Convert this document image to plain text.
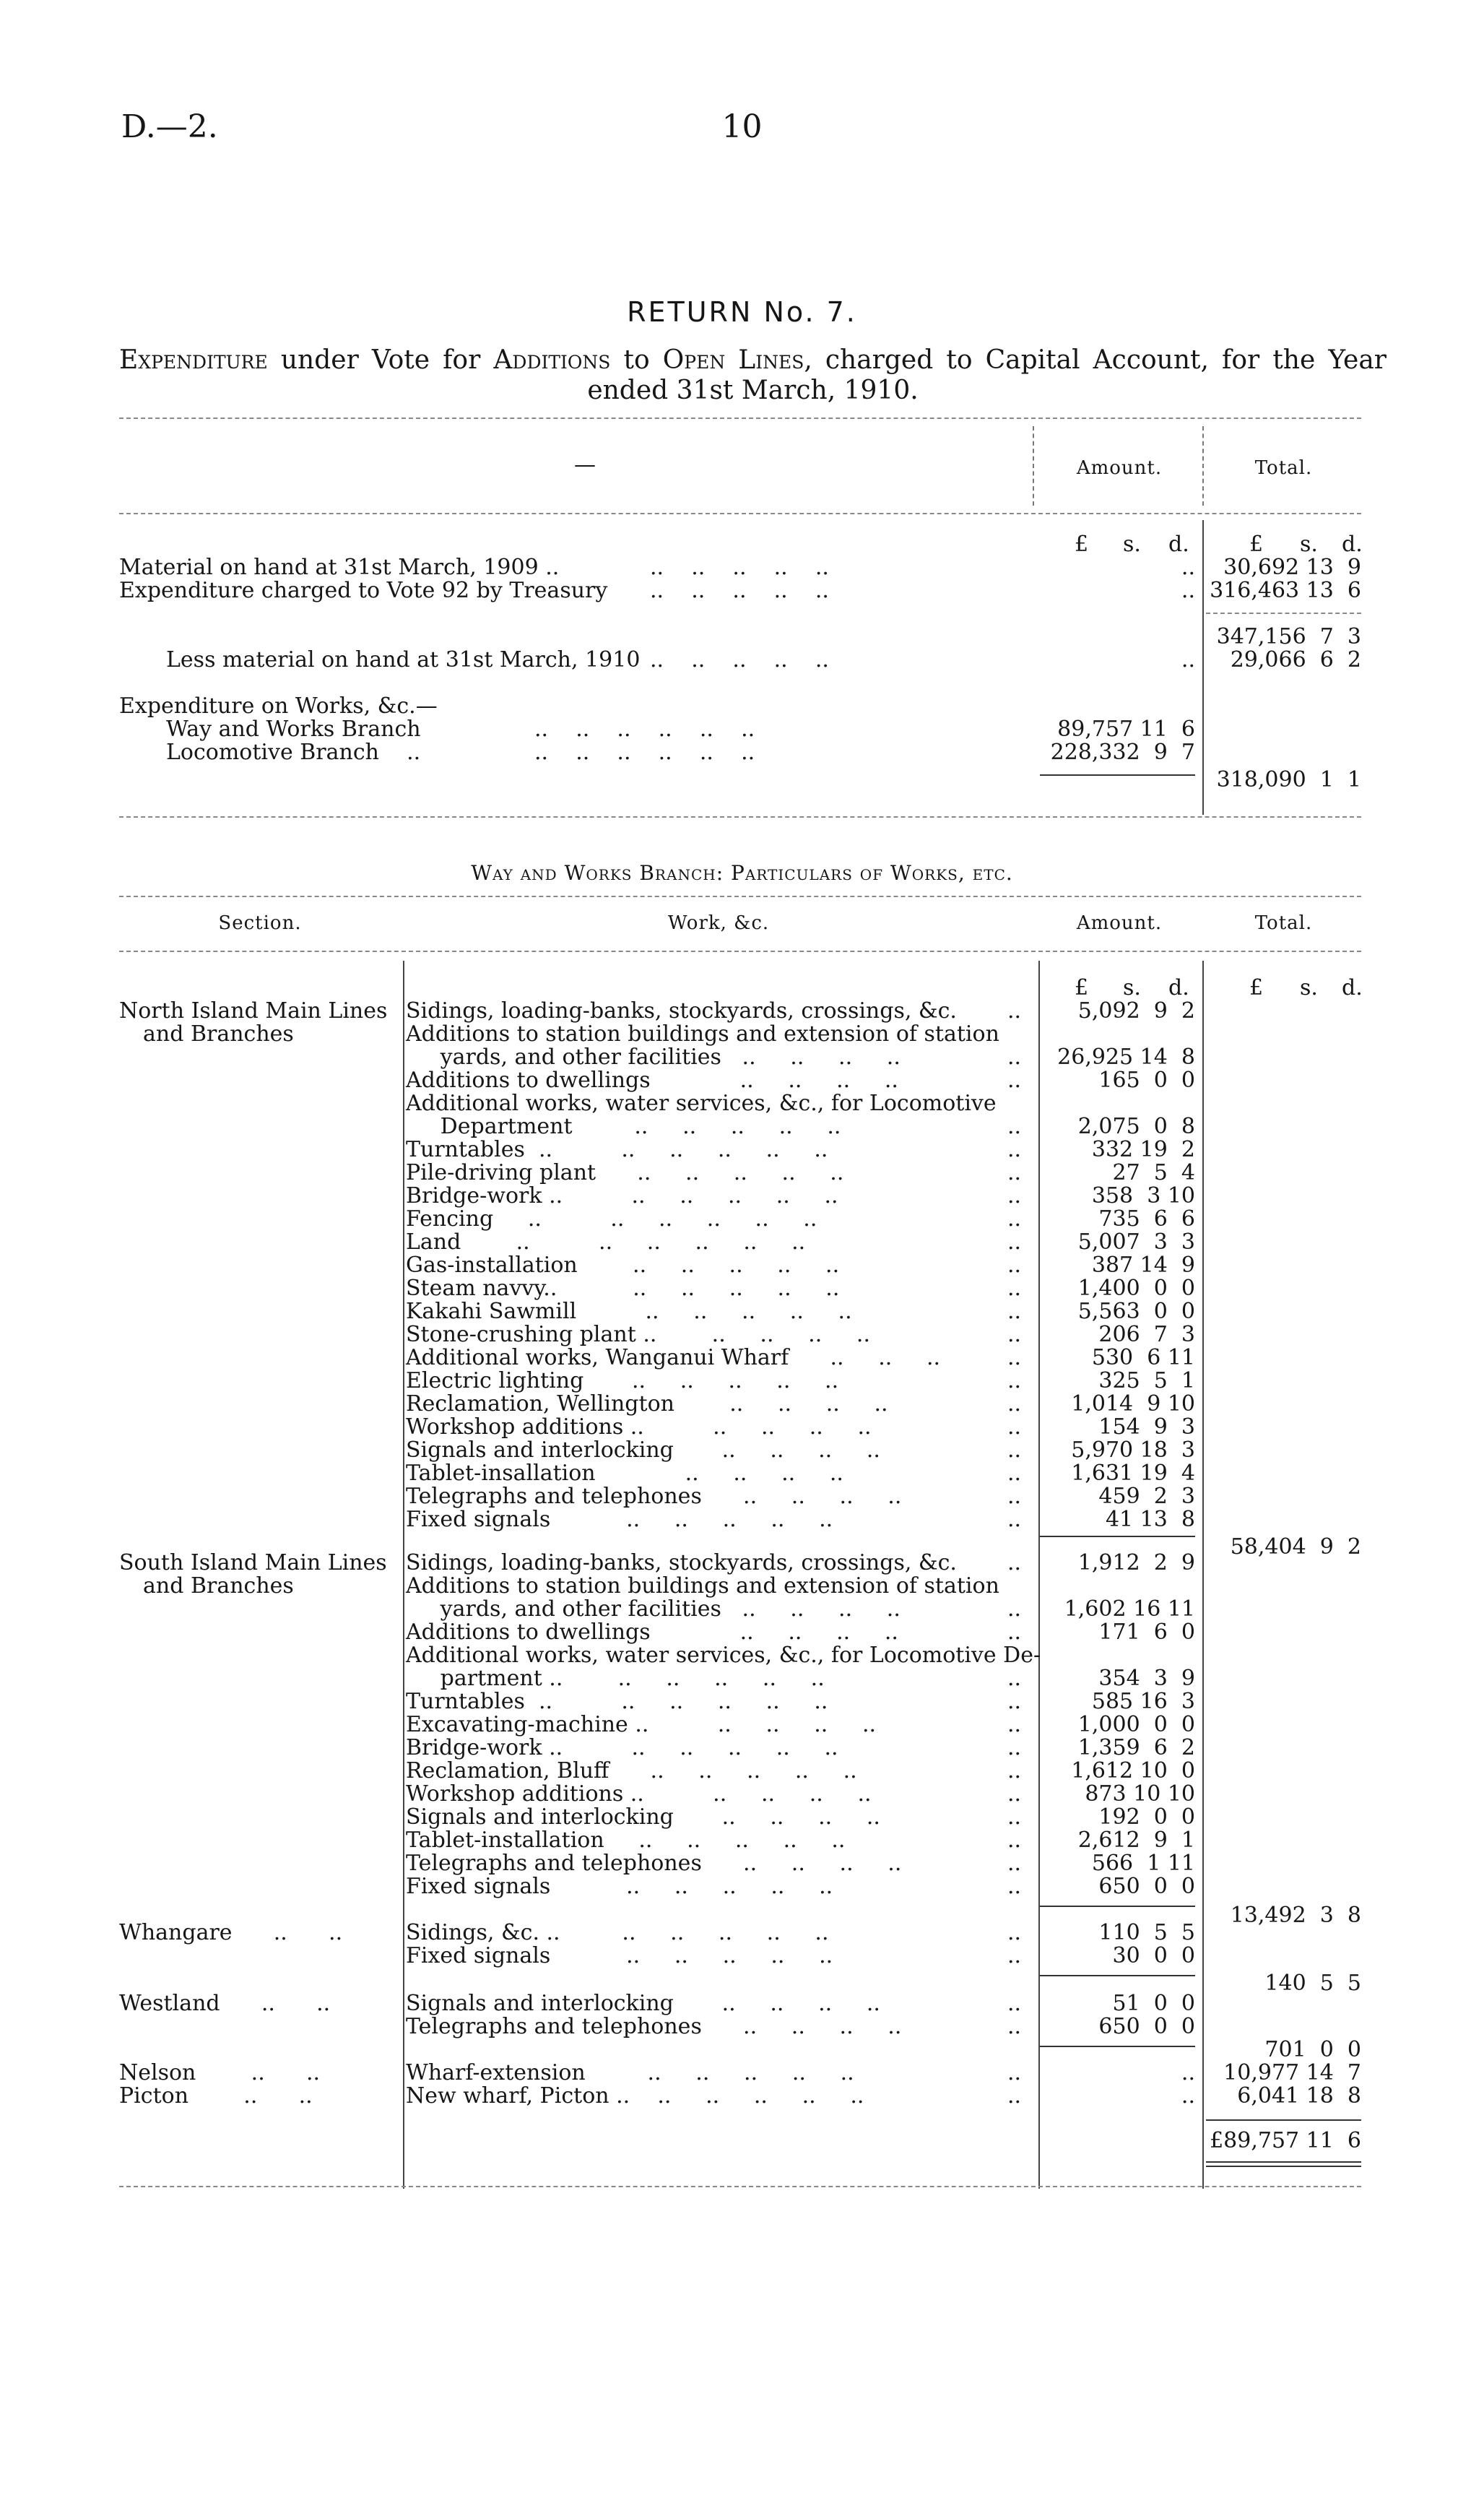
D.—2.	10
RETURN No. 7.
Expenditure under Vote for Additions to Open Lines, charged to Capital Account, for the Year ended 31st March, 1910.
—	Amount.	Total.
£ s. d.	£ s. d.
Material on hand at 31st March, 1909 ..	..    ..    ..    ..    ..	..	30,692 13  9
Expenditure charged to Vote 92 by Treasury ..    ..    ..    ..    ..	.. 316,463 13  6
347,156  7  3
Less material on hand at 31st March, 1910 ..    ..    ..    ..    ..	..	29,066  6  2
Expenditure on Works, &c.—
Way and Works Branch	..    ..    ..    ..    ..    ..	89,757 11  6
Locomotive Branch    ..	..    ..    ..    ..    ..    ..	228,332  9  7
318,090  1  1
Way and Works Branch: Particulars of Works, etc.
Section.	Work, &c.	Amount.	Total.
£ s. d.	£ s. d.
North Island Main Lines
and Branches
Sidings, loading-banks, stockyards, crossings, &c. ..	5,092  9  2
Additions to station buildings and extension of station
yards, and other facilities   ..     ..     ..     ..	..	26,925 14  8
Additions to dwellings             ..     ..     ..     ..	..	165  0  0
Additional works, water services, &c., for Locomotive
Department         ..     ..     ..     ..     ..	..	2,075  0  8
Turntables  ..          ..     ..     ..     ..     ..	..	332 19  2
Pile-driving plant      ..     ..     ..     ..     ..	..	27  5  4
Bridge-work ..          ..     ..     ..     ..     ..	..	358  3 10
Fencing     ..          ..     ..     ..     ..     ..	..	735  6  6
Land        ..          ..     ..     ..     ..     ..	..	5,007  3  3
Gas-installation        ..     ..     ..     ..     ..	..	387 14  9
Steam navvy..           ..     ..     ..     ..     ..	..	1,400  0  0
Kakahi Sawmill          ..     ..     ..     ..     ..	..	5,563  0  0
Stone-crushing plant ..        ..     ..     ..     ..	..	206  7  3
Additional works, Wanganui Wharf      ..     ..     ..	..	530  6 11
Electric lighting       ..     ..     ..     ..     ..	..	325  5  1
Reclamation, Wellington        ..     ..     ..     ..	..	1,014  9 10
Workshop additions ..          ..     ..     ..     ..	..	154  9  3
Signals and interlocking       ..     ..     ..     ..	..	5,970 18  3
Tablet-insallation             ..     ..     ..     ..	..	1,631 19  4
Telegraphs and telephones      ..     ..     ..     ..	..	459  2  3
Fixed signals           ..     ..     ..     ..     ..	..	41 13  8
58,404  9  2
South Island Main Lines
and Branches
Sidings, loading-banks, stockyards, crossings, &c. ..	1,912  2  9
Additions to station buildings and extension of station
yards, and other facilities   ..     ..     ..     ..	..	1,602 16 11
Additions to dwellings             ..     ..     ..     ..	..	171  6  0
Additional works, water services, &c., for Locomotive De-
partment ..        ..     ..     ..     ..     ..	..	354  3  9
Turntables  ..          ..     ..     ..     ..     ..	..	585 16  3
Excavating-machine ..          ..     ..     ..     ..	..	1,000  0  0
Bridge-work ..          ..     ..     ..     ..     ..	..	1,359  6  2
Reclamation, Bluff      ..     ..     ..     ..     ..	..	1,612 10  0
Workshop additions ..          ..     ..     ..     ..	..	873 10 10
Signals and interlocking       ..     ..     ..     ..	..	192  0  0
Tablet-installation     ..     ..     ..     ..     ..	..	2,612  9  1
Telegraphs and telephones      ..     ..     ..     ..	..	566  1 11
Fixed signals           ..     ..     ..     ..     ..	..	650  0  0
13,492  3  8
Whangare      ..      ..	Sidings, &c. ..         ..     ..     ..     ..     ..	..	110  5  5
Fixed signals           ..     ..     ..     ..     ..	..	30  0  0
140  5  5
Westland      ..      ..	Signals and interlocking       ..     ..     ..     ..	..	51  0  0
Telegraphs and telephones      ..     ..     ..     ..	..	650  0  0
701  0  0
Nelson        ..      ..	Wharf-extension         ..     ..     ..     ..     ..	..	..	10,977 14  7
Picton        ..      ..	New wharf, Picton ..    ..     ..     ..     ..     ..	..	..	6,041 18  8
£89,757 11  6
